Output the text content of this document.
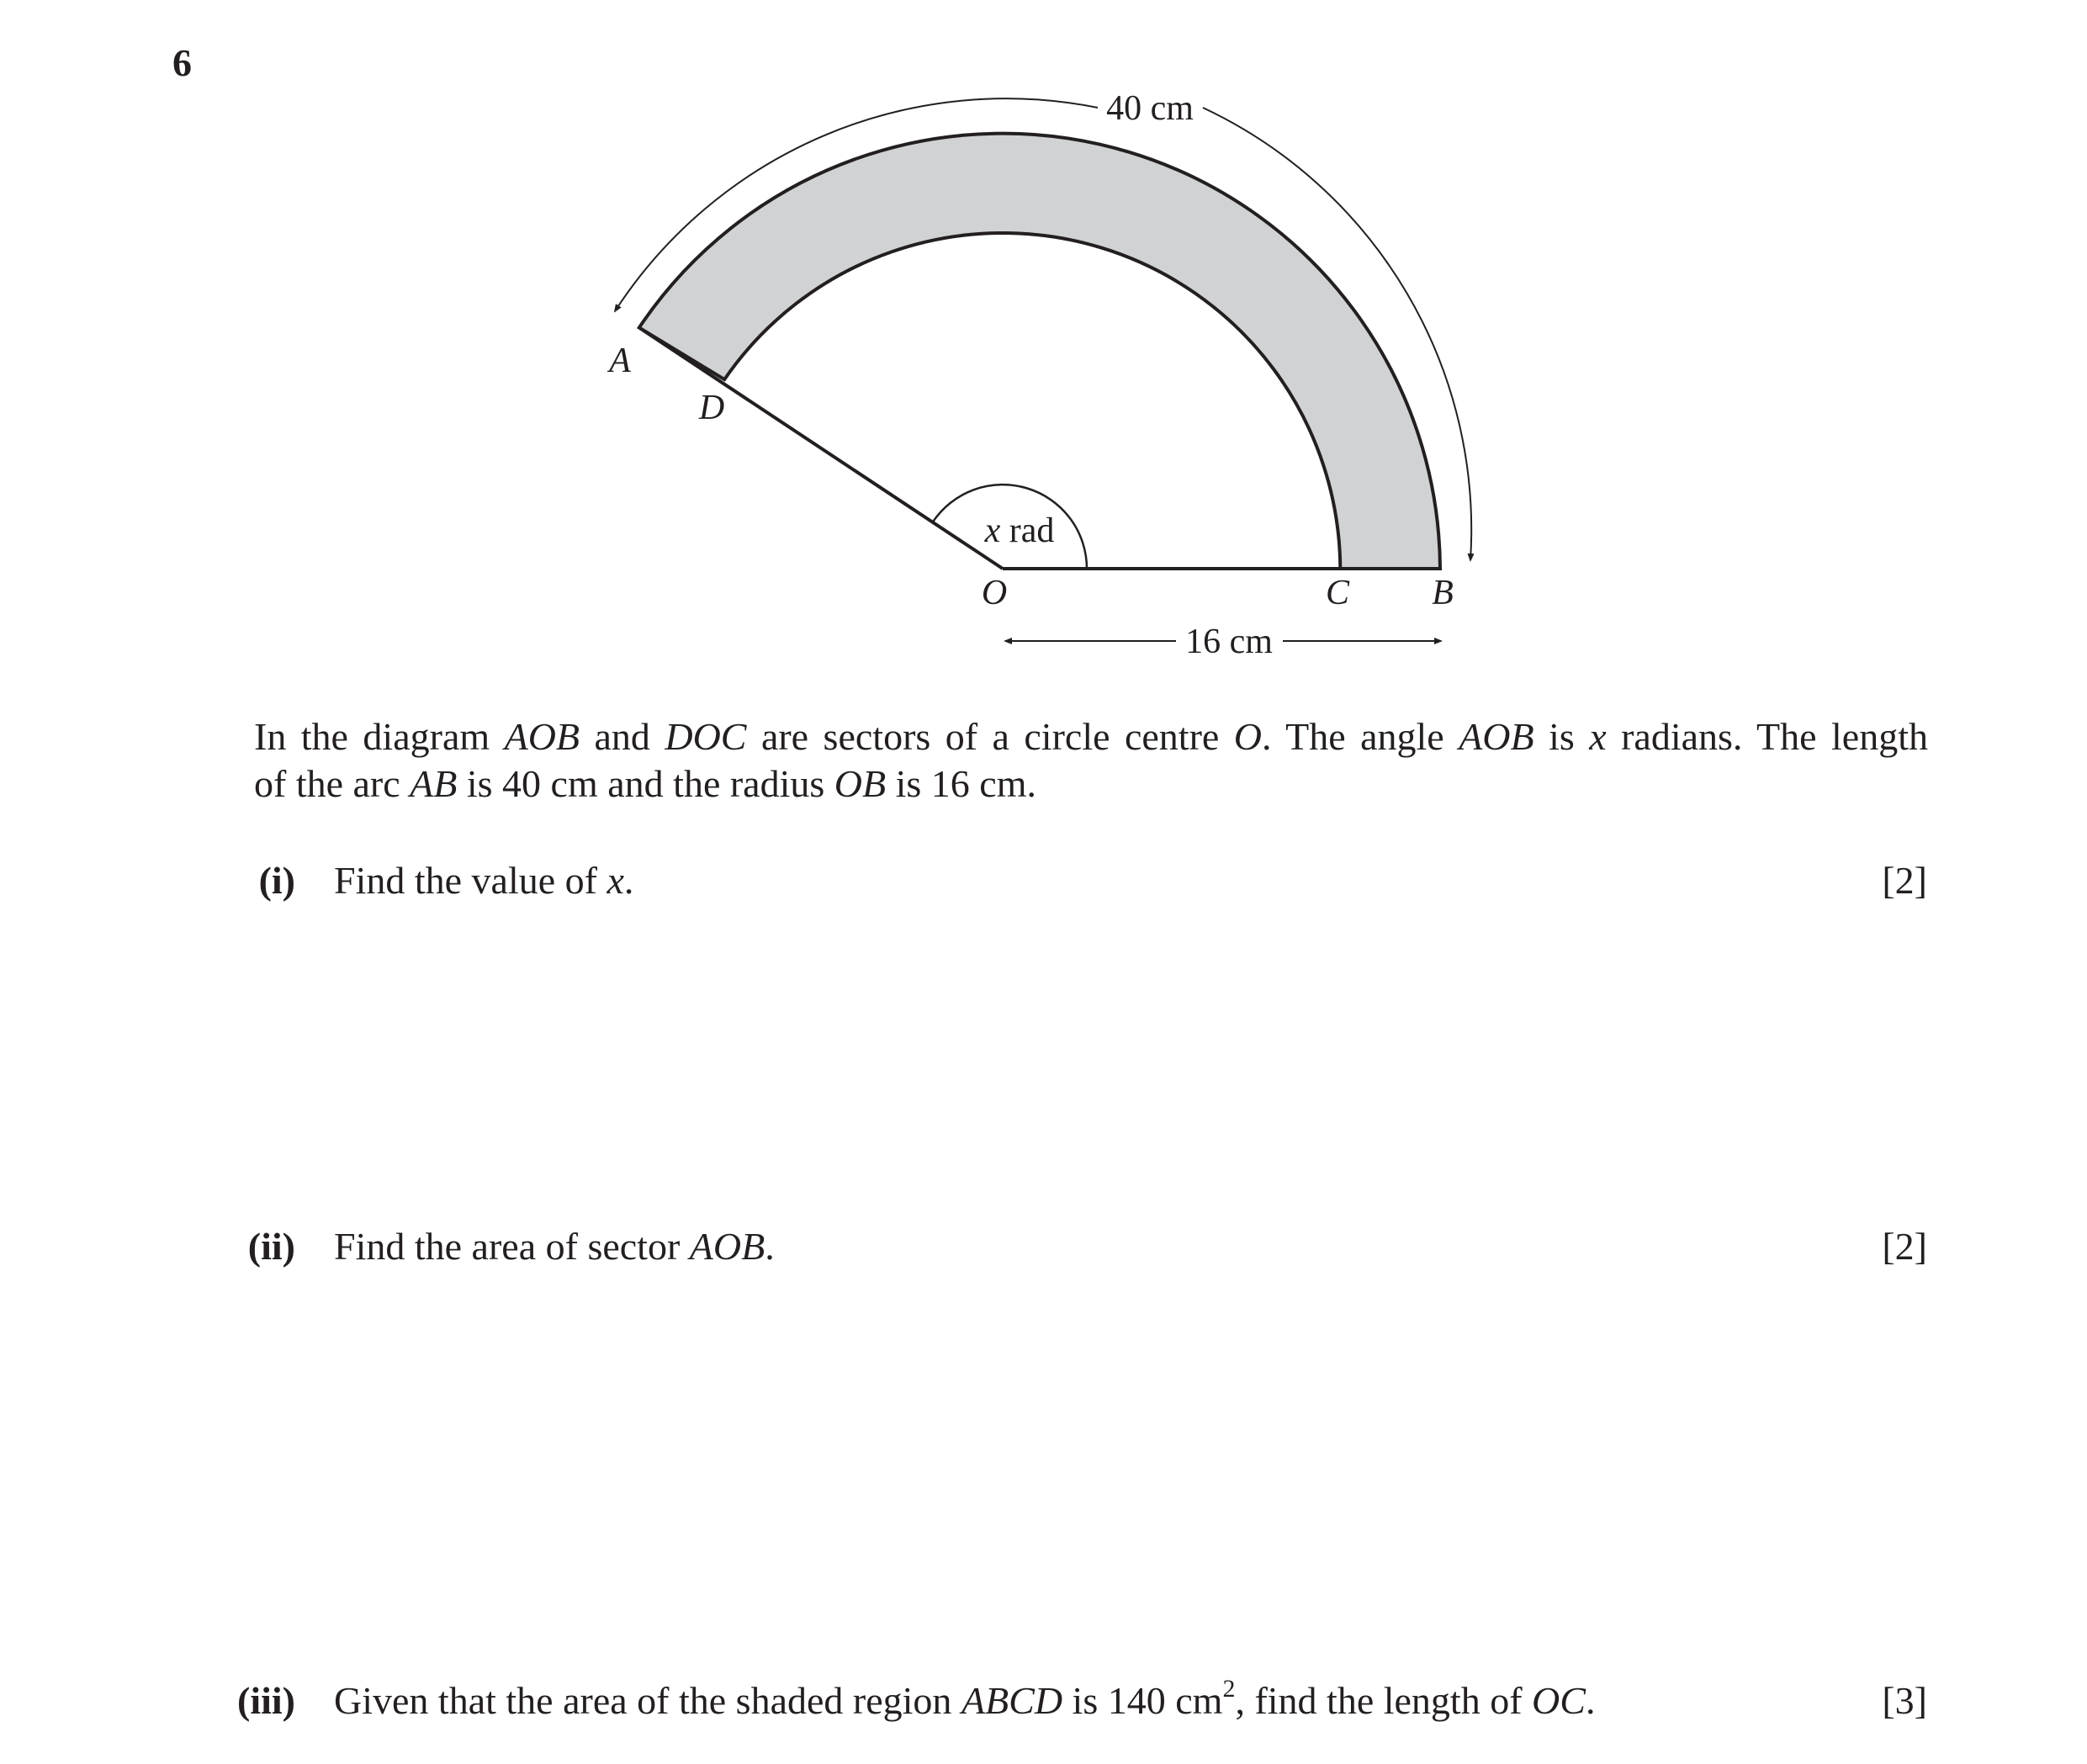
6
40 cm
16 cm
x rad
A
D
O	C B
In the diagram AOB and DOC are sectors of a circle centre O. The angle AOB is x radians. The length
of the arc AB is 40 cm and the radius OB is 16 cm.
(i) Find the value of x.	[2]
(ii) Find the area of sector AOB.	[2]
(iii) Given that the area of the shaded region ABCD is 140 $cm^2$, find the length of OC.	[3]
